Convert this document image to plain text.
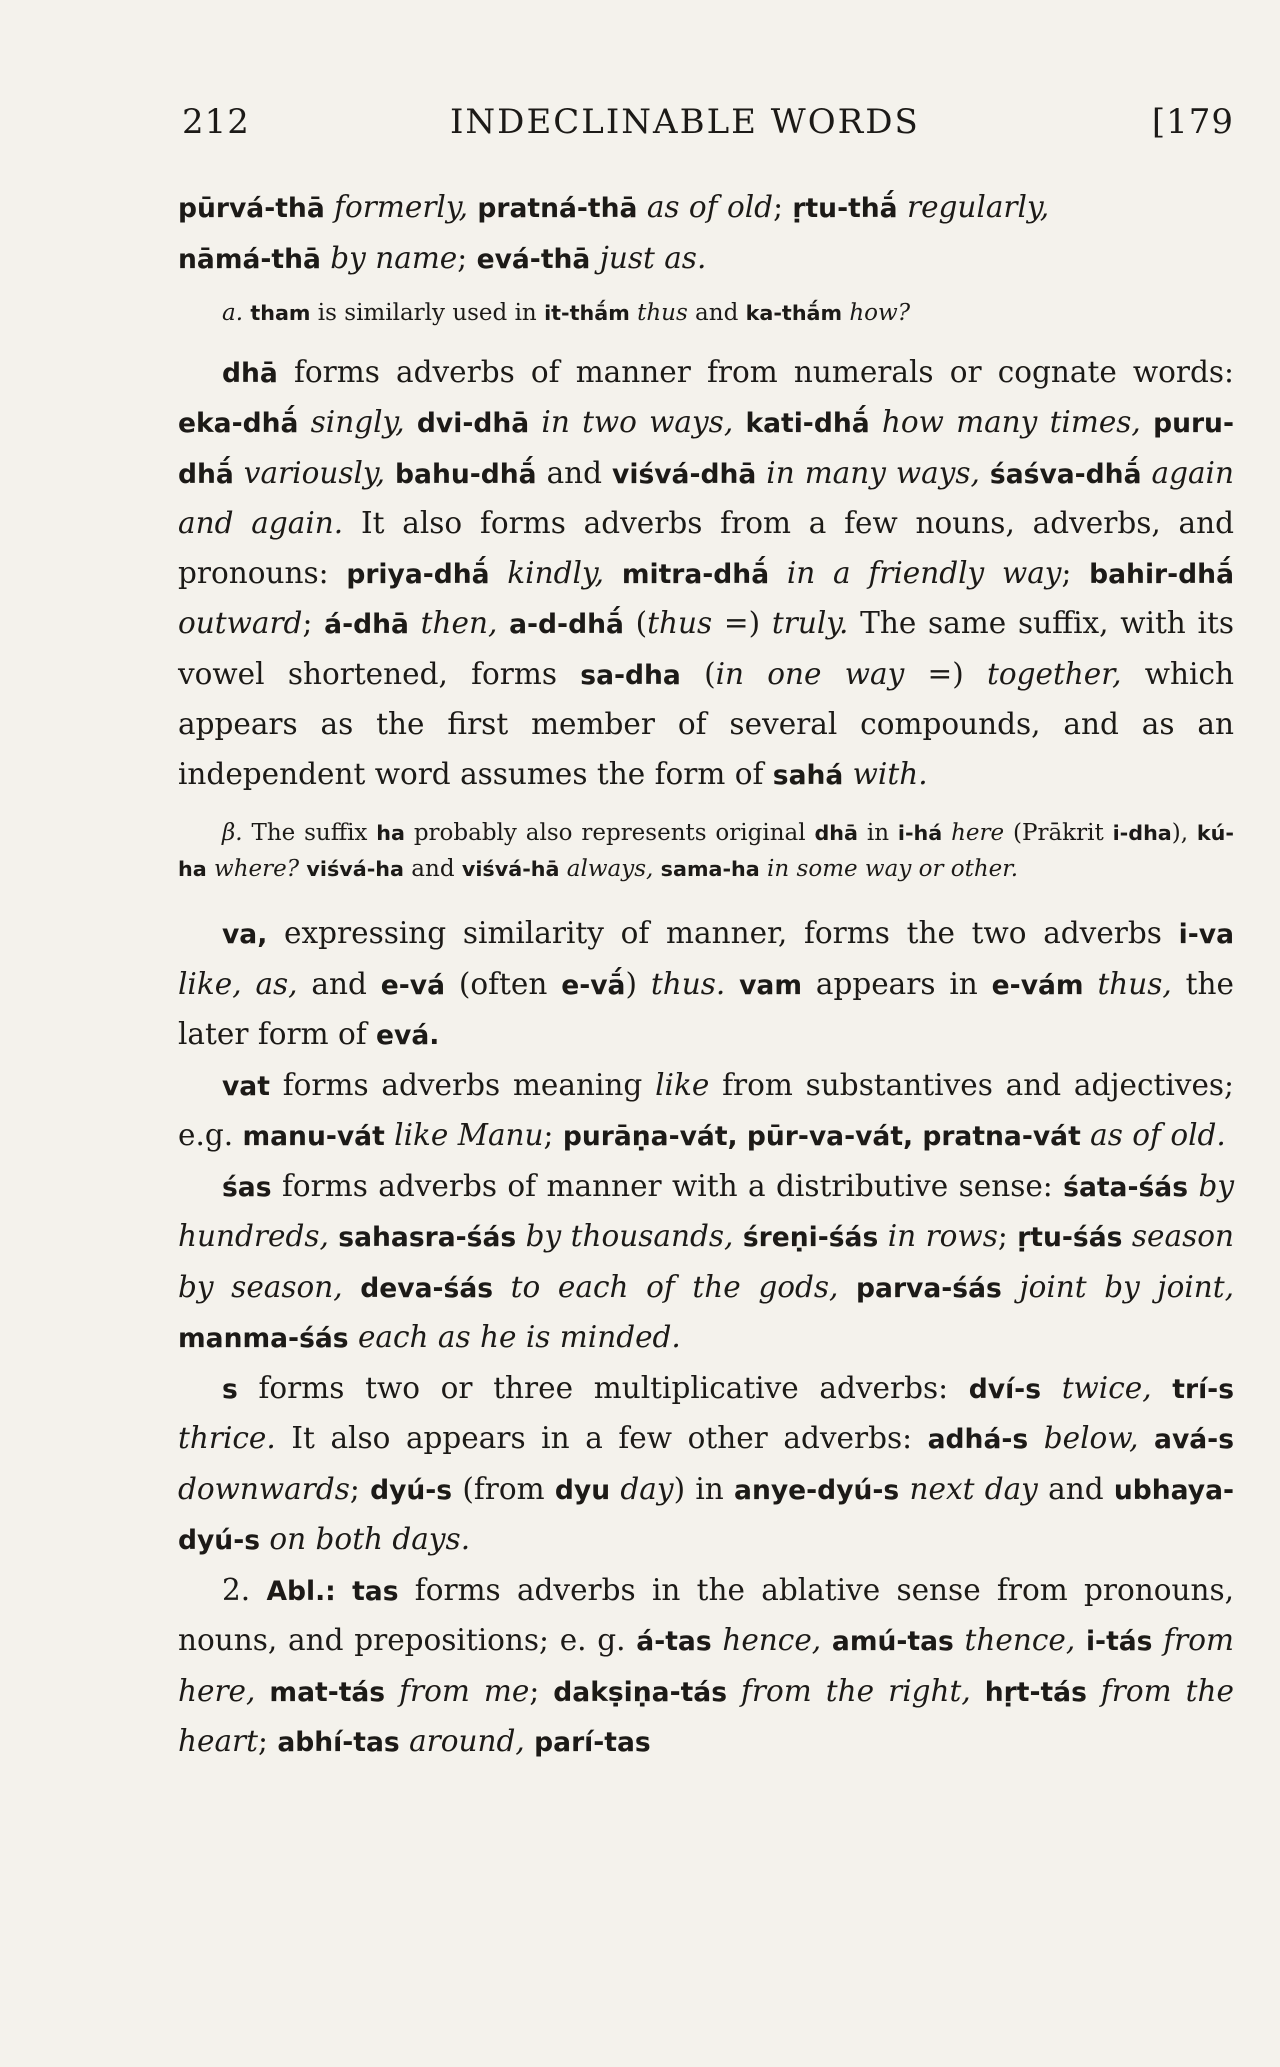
212	INDECLINABLE WORDS	[179

pūrvá-thā formerly, pratná-thā as of old; ṛtu-thā́ regularly,

nāmá-thā by name; evá-thā just as.

a. tham is similarly used in it-thā́m thus and ka-thā́m how?

dhā forms adverbs of manner from numerals or cognate words: eka-dhā́ singly, dvi-dhā in two ways, kati-dhā́ how many times, puru-dhā́ variously, bahu-dhā́ and viśvá-dhā in many ways, śaśva-dhā́ again and again. It also forms adverbs from a few nouns, adverbs, and pronouns: priya-dhā́ kindly, mitra-dhā́ in a friendly way; bahir-dhā́ outward; á-dhā then, a-d-dhā́ (thus =) truly. The same suffix, with its vowel shortened, forms sa-dha (in one way =) together, which appears as the first member of several compounds, and as an independent word assumes the form of sahá with.

β. The suffix ha probably also represents original dhā in i-há here (Prākrit i-dha), kú-ha where? viśvá-ha and viśvá-hā always, sama-ha in some way or other.

va, expressing similarity of manner, forms the two adverbs i-va like, as, and e-vá (often e-vā́) thus. vam appears in e-vám thus, the later form of evá.

vat forms adverbs meaning like from substantives and adjectives; e.g. manu-vát like Manu; purāṇa-vát, pūr-va-vát, pratna-vát as of old.

śas forms adverbs of manner with a distributive sense: śata-śás by hundreds, sahasra-śás by thousands, śreṇi-śás in rows; ṛtu-śás season by season, deva-śás to each of the gods, parva-śás joint by joint, manma-śás each as he is minded.

s forms two or three multiplicative adverbs: dví-s twice, trí-s thrice. It also appears in a few other adverbs: adhá-s below, avá-s downwards; dyú-s (from dyu day) in anye-dyú-s next day and ubhaya-dyú-s on both days.

2. Abl.: tas forms adverbs in the ablative sense from pronouns, nouns, and prepositions; e. g. á-tas hence, amú-tas thence, i-tás from here, mat-tás from me; dakṣiṇa-tás from the right, hṛt-tás from the heart; abhí-tas around, parí-tas
